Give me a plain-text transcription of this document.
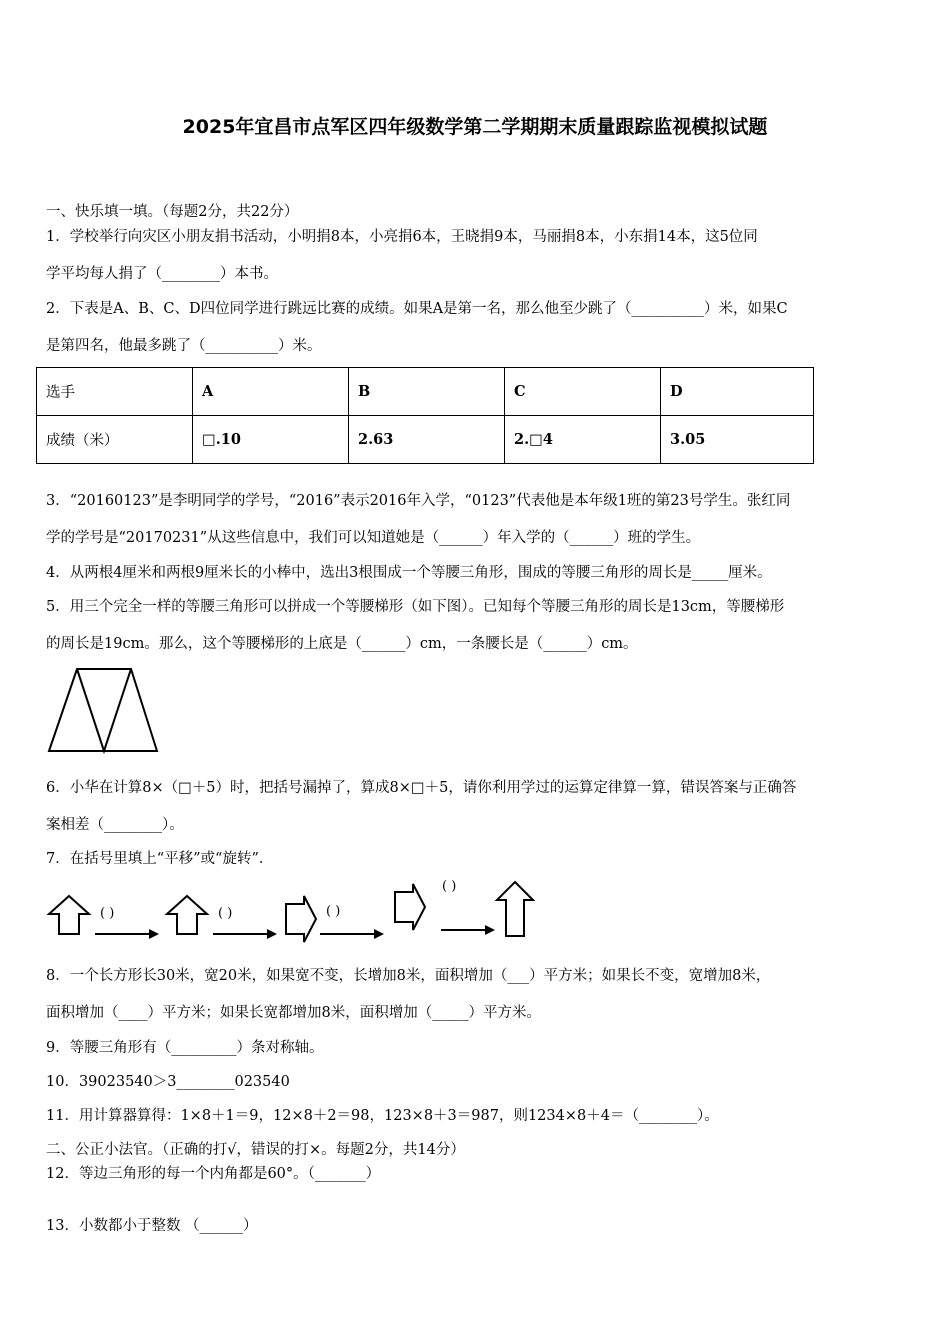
2025年宜昌市点军区四年级数学第二学期期末质量跟踪监视模拟试题
一、快乐填一填。（每题2分，共22分）
1．学校举行向灾区小朋友捐书活动，小明捐8本，小亮捐6本，王晓捐9本，马丽捐8本，小东捐14本，这5位同
学平均每人捐了（________）本书。
2．下表是A、B、C、D四位同学进行跳远比赛的成绩。如果A是第一名，那么他至少跳了（__________）米，如果C
是第四名，他最多跳了（__________）米。
选手	A	B	C	D
成绩（米）	□.10	2.63	2.□4	3.05
3．“20160123”是李明同学的学号，“2016”表示2016年入学，“0123”代表他是本年级1班的第23号学生。张红同
学的学号是“20170231”从这些信息中，我们可以知道她是（______）年入学的（______）班的学生。
4．从两根4厘米和两根9厘米长的小棒中，选出3根围成一个等腰三角形，围成的等腰三角形的周长是_____厘米。
5．用三个完全一样的等腰三角形可以拼成一个等腰梯形（如下图）。已知每个等腰三角形的周长是13cm，等腰梯形
的周长是19cm。那么，这个等腰梯形的上底是（______）cm，一条腰长是（______）cm。
6．小华在计算8×（□＋5）时，把括号漏掉了，算成8×□＋5，请你利用学过的运算定律算一算，错误答案与正确答
案相差（________）。
7．在括号里填上“平移”或“旋转”．
( )	( )	( )
( )
8．一个长方形长30米，宽20米，如果宽不变，长增加8米，面积增加（___）平方米；如果长不变，宽增加8米，
面积增加（____）平方米；如果长宽都增加8米，面积增加（_____）平方米。
9．等腰三角形有（_________）条对称轴。
10．39023540＞3________023540
11．用计算器算得：1×8＋1＝9，12×8＋2＝98，123×8＋3＝987，则1234×8＋4＝（________）。
二、公正小法官。（正确的打√，错误的打×。每题2分，共14分）
12．等边三角形的每一个内角都是60°。（_______）
13．小数都小于整数 （______）
